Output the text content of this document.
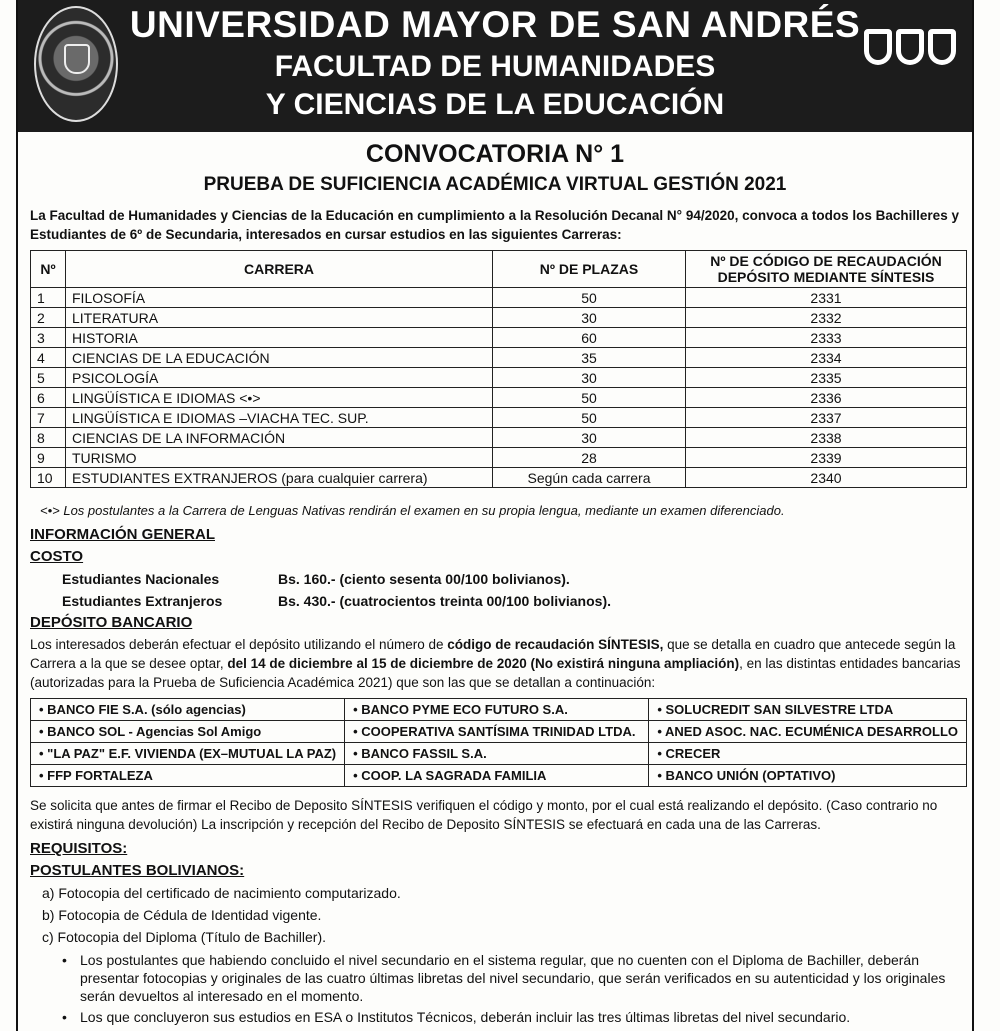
UNIVERSIDAD MAYOR DE SAN ANDRÉS
FACULTAD DE HUMANIDADES
Y CIENCIAS DE LA EDUCACIÓN
CONVOCATORIA N° 1
PRUEBA DE SUFICIENCIA ACADÉMICA VIRTUAL GESTIÓN 2021
La Facultad de Humanidades y Ciencias de la Educación en cumplimiento a la Resolución Decanal N° 94/2020, convoca a todos los Bachilleres y Estudiantes de 6º de Secundaria, interesados en cursar estudios en las siguientes Carreras:
Nº	CARRERA	Nº DE PLAZAS	Nº DE CÓDIGO DE RECAUDACIÓN DEPÓSITO MEDIANTE SÍNTESIS
1	FILOSOFÍA	50	2331
2	LITERATURA	30	2332
3	HISTORIA	60	2333
4	CIENCIAS DE LA EDUCACIÓN	35	2334
5	PSICOLOGÍA	30	2335
6	LINGÜÍSTICA E IDIOMAS <•>	50	2336
7	LINGÜÍSTICA E IDIOMAS –VIACHA TEC. SUP.	50	2337
8	CIENCIAS DE LA INFORMACIÓN	30	2338
9	TURISMO	28	2339
10	ESTUDIANTES EXTRANJEROS (para cualquier carrera)	Según cada carrera	2340
<•> Los postulantes a la Carrera de Lenguas Nativas rendirán el examen en su propia lengua, mediante un examen diferenciado.
INFORMACIÓN GENERAL
COSTO
Estudiantes Nacionales	Bs. 160.- (ciento sesenta 00/100 bolivianos).
Estudiantes Extranjeros	Bs. 430.- (cuatrocientos treinta 00/100 bolivianos).
DEPÓSITO BANCARIO
Los interesados deberán efectuar el depósito utilizando el número de código de recaudación SÍNTESIS, que se detalla en cuadro que antecede según la Carrera a la que se desee optar, del 14 de diciembre al 15 de diciembre de 2020 (No existirá ninguna ampliación), en las distintas entidades bancarias (autorizadas para la Prueba de Suficiencia Académica 2021) que son las que se detallan a continuación:
• BANCO FIE S.A. (sólo agencias)	• BANCO PYME ECO FUTURO S.A.	• SOLUCREDIT SAN SILVESTRE LTDA
• BANCO SOL - Agencias Sol Amigo	• COOPERATIVA SANTÍSIMA TRINIDAD LTDA.	• ANED ASOC. NAC. ECUMÉNICA DESARROLLO
• "LA PAZ" E.F. VIVIENDA (EX–MUTUAL LA PAZ)	• BANCO FASSIL S.A.	• CRECER
• FFP FORTALEZA	• COOP. LA SAGRADA FAMILIA	• BANCO UNIÓN (OPTATIVO)
Se solicita que antes de firmar el Recibo de Deposito SÍNTESIS verifiquen el código y monto, por el cual está realizando el depósito. (Caso contrario no existirá ninguna devolución) La inscripción y recepción del Recibo de Deposito SÍNTESIS se efectuará en cada una de las Carreras.
REQUISITOS:
POSTULANTES BOLIVIANOS:
a) Fotocopia del certificado de nacimiento computarizado.
b) Fotocopia de Cédula de Identidad vigente.
c) Fotocopia del Diploma (Título de Bachiller).
• Los postulantes que habiendo concluido el nivel secundario en el sistema regular, que no cuenten con el Diploma de Bachiller, deberán presentar fotocopias y originales de las cuatro últimas libretas del nivel secundario, que serán verificados en su autenticidad y los originales serán devueltos al interesado en el momento.
• Los que concluyeron sus estudios en ESA o Institutos Técnicos, deberán incluir las tres últimas libretas del nivel secundario.
